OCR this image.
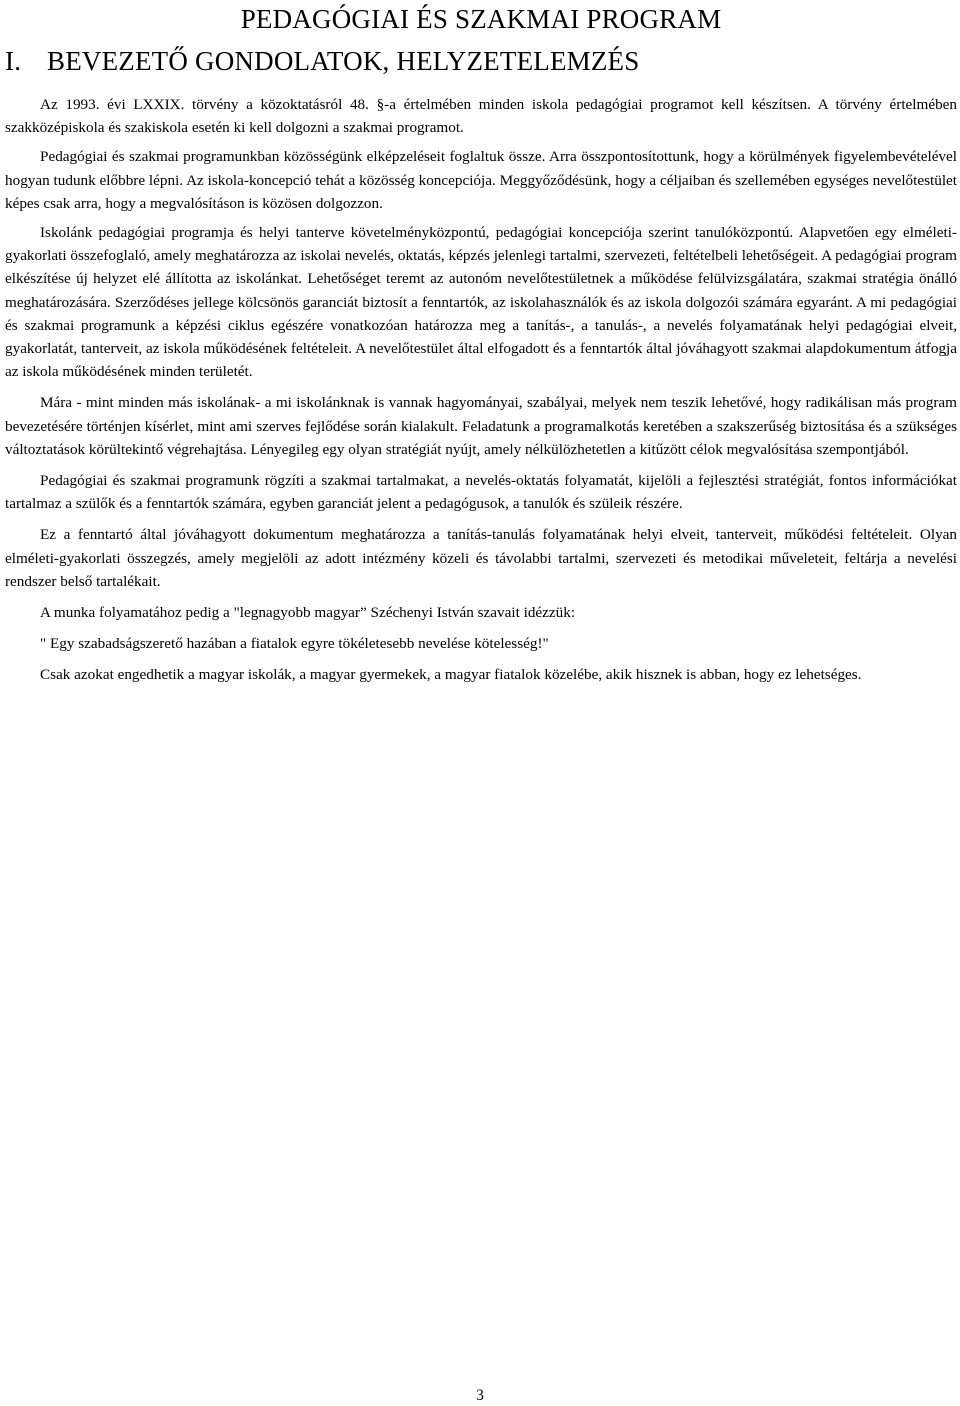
PEDAGÓGIAI ÉS SZAKMAI PROGRAM
I. BEVEZETŐ GONDOLATOK, HELYZETELEMZÉS

Az 1993. évi LXXIX. törvény a közoktatásról 48. §-a értelmében minden iskola pedagógiai programot kell készítsen. A törvény értelmében szakközépiskola és szakiskola esetén ki kell dolgozni a szakmai programot.

Pedagógiai és szakmai programunkban közösségünk elképzeléseit foglaltuk össze. Arra összpontosítottunk, hogy a körülmények figyelembevételével hogyan tudunk előbbre lépni. Az iskola-koncepció tehát a közösség koncepciója. Meggyőződésünk, hogy a céljaiban és szellemében egységes nevelőtestület képes csak arra, hogy a megvalósításon is közösen dolgozzon.

Iskolánk pedagógiai programja és helyi tanterve követelményközpontú, pedagógiai koncepciója szerint tanulóközpontú. Alapvetően egy elméleti-gyakorlati összefoglaló, amely meghatározza az iskolai nevelés, oktatás, képzés jelenlegi tartalmi, szervezeti, feltételbeli lehetőségeit. A pedagógiai program elkészítése új helyzet elé állította az iskolánkat. Lehetőséget teremt az autonóm nevelőtestületnek a működése felülvizsgálatára, szakmai stratégia önálló meghatározására. Szerződéses jellege kölcsönös garanciát biztosít a fenntartók, az iskolahasználók és az iskola dolgozói számára egyaránt. A mi pedagógiai és szakmai programunk a képzési ciklus egészére vonatkozóan határozza meg a tanítás-, a tanulás-, a nevelés folyamatának helyi pedagógiai elveit, gyakorlatát, tanterveit, az iskola működésének feltételeit. A nevelőtestület által elfogadott és a fenntartók által jóváhagyott szakmai alapdokumentum átfogja az iskola működésének minden területét.

Mára - mint minden más iskolának- a mi iskolánknak is vannak hagyományai, szabályai, melyek nem teszik lehetővé, hogy radikálisan más program bevezetésére történjen kísérlet, mint ami szerves fejlődése során kialakult. Feladatunk a programalkotás keretében a szakszerűség biztosítása és a szükséges változtatások körültekintő végrehajtása. Lényegileg egy olyan stratégiát nyújt, amely nélkülözhetetlen a kitűzött célok megvalósítása szempontjából.

Pedagógiai és szakmai programunk rögzíti a szakmai tartalmakat, a nevelés-oktatás folyamatát, kijelöli a fejlesztési stratégiát, fontos információkat tartalmaz a szülők és a fenntartók számára, egyben garanciát jelent a pedagógusok, a tanulók és szüleik részére.

Ez a fenntartó által jóváhagyott dokumentum meghatározza a tanítás-tanulás folyamatának helyi elveit, tanterveit, működési feltételeit. Olyan elméleti-gyakorlati összegzés, amely megjelöli az adott intézmény közeli és távolabbi tartalmi, szervezeti és metodikai műveleteit, feltárja a nevelési rendszer belső tartalékait.

A munka folyamatához pedig a "legnagyobb magyar” Széchenyi István szavait idézzük:

" Egy szabadságszerető hazában a fiatalok egyre tökéletesebb nevelése kötelesség!"

Csak azokat engedhetik a magyar iskolák, a magyar gyermekek, a magyar fiatalok közelébe, akik hisznek is abban, hogy ez lehetséges.

3
